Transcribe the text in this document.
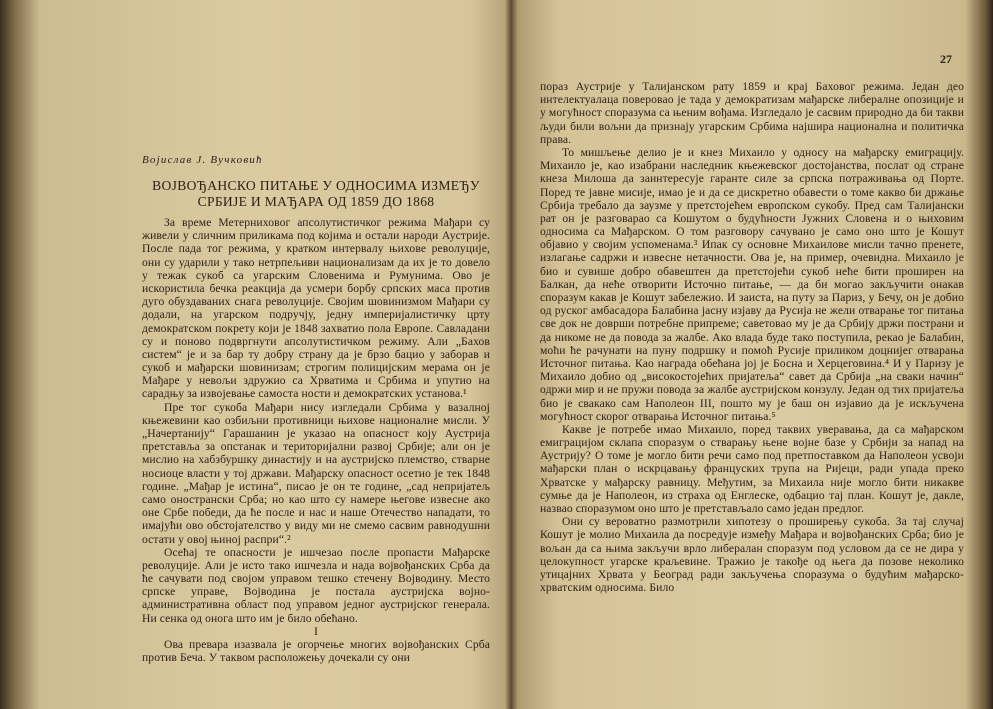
Војислав Ј. Вучковић
ВОЈВОЂАНСКО ПИТАЊЕ У ОДНОСИМА ИЗМЕЂУ СРБИЈЕ И МАЂАРА ОД 1859 ДО 1868

За време Метерниховог апсолутистичког режима Мађари су живели у сличним приликама под којима и остали народи Аустрије. После пада тог режима, у кратком интервалу њихове револуције, они су ударили у тако нетрпељиви национализам да их је то довело у тежак сукоб са угарским Словенима и Румунима. Ово је искористила бечка реакција да усмери борбу српских маса против дуго обуздаваних снага револуције. Својим шовинизмом Мађари су додали, на угарском подручју, једну империјалистичку црту демократском покрету који је 1848 захватио пола Европе. Савладани су и поново подвргнути апсолутистичком режиму. Али „Бахов систем“ је и за бар ту добру страну да је брзо бацио у заборав и сукоб и мађарски шовинизам; строгим полицијским мерама он је Мађаре у невољи здружио са Хрватима и Србима и упутио на сарадњу за извојевање самоста ности и демократских установа.¹

Пре тог сукоба Мађари нису изгледали Србима у вазалној књежевини као озбиљни противници њихове националне мисли. У „Начертанију“ Гарашанин је указао на опасност коју Аустрија претставља за опстанак и територијални развој Србије; али он је мислио на хабзбуршку династију и на аустријско племство, стварне носиоце власти у тој држави. Мађарску опасност осетио је тек 1848 године. „Мађар је истина“, писао је он те године, „сад непријатељ само онострански Срба; но као што су намере његове извесне ако оне Србе победи, да ће после и нас и наше Отечество нападати, то имајући ово обстојателство у виду ми не смемо сасвим равнодушни остати у овој њиној распри“.²

Осећај те опасности је ишчезао после пропасти Мађарске револуције. Али је исто тако ишчезла и нада војвођанских Срба да ће сачувати под својом управом тешко стечену Војводину. Место српске управе, Војводина је постала аустријска војно-административна област под управом једног аустријског генерала. Ни сенка од онога што им је било обећано.

I

Ова превара изазвала је огорчење многих војвођанских Срба против Беча. У таквом расположењу дочекали су они

27

пораз Аустрије у Талијанском рату 1859 и крај Баховог режима. Један део интелектуалаца поверовао је тада у демократизам мађарске либералне опозиције и у могућност споразума са њеним вођама. Изгледало је сасвим природно да би такви људи били вољни да признају угарским Србима најшира национална и политичка права.

То мишљење делио је и кнез Михаило у односу на мађарску емиграцију. Михаило је, као изабрани наследник књежевског достојанства, послат од стране кнеза Милоша да заинтересује гаранте силе за српска потраживања од Порте. Поред те јавне мисије, имао је и да се дискретно обавести о томе какво би држање Србија требало да заузме у претстојећем европском сукобу. Пред сам Талијански рат он је разговарао са Кошутом о будућности Јужних Словена и о њиховим односима са Мађарском. О том разговору сачувано је само оно што је Кошут објавио у својим успоменама.³ Ипак су основне Михаилове мисли тачно пренете, излагање садржи и извесне нетачности. Ова је, на пример, очевидна. Михаило је био и сувише добро обавештен да претстојећи сукоб неће бити проширен на Балкан, да неће отворити Источно питање, — да би могао закључити онакав споразум какав је Кошут забележио. И заиста, на путу за Париз, у Бечу, он је добио од руског амбасадора Балабина јасну изјаву да Русија не жели отварање тог питања све док не доврши потребне припреме; саветовао му је да Србију држи пострани и да никоме не да повода за жалбе. Ако влада буде тако поступила, рекао је Балабин, моћи ће рачунати на пуну подршку и помоћ Русије приликом доцнијег отварања Источног питања. Као награда обећана јој је Босна и Херцеговина.⁴ И у Паризу је Михаило добио од „високостојећих пријатеља“ савет да Србија „на сваки начин“ одржи мир и не пружи повода за жалбе аустријском конзулу. Један од тих пријатеља био је свакако сам Наполеон III, пошто му је баш он изјавио да је искључена могућност скорог отварања Источног питања.⁵

Какве је потребе имао Михаило, поред таквих уверавања, да са мађарском емиграцијом склапа споразум о стварању њене војне базе у Србији за напад на Аустрију? О томе је могло бити речи само под претпоставком да Наполеон усвоји мађарски план о искрцавању француских трупа на Ријеци, ради упада преко Хрватске у мађарску равницу. Међутим, за Михаила није могло бити никакве сумње да је Наполеон, из страха од Енглеске, одбацио тај план. Кошут је, дакле, назвао споразумом оно што је претстављало само један предлог.

Они су вероватно размотрили хипотезу о проширењу сукоба. За тај случај Кошут је молио Михаила да посредује између Мађара и војвођанских Срба; био је вољан да са њима закључи врло либералан споразум под условом да се не дира у целокупност угарске краљевине. Тражио је такође од њега да позове неколико утицајних Хрвата у Београд ради закључења споразума о будућим мађарско-хрватским односима. Било
